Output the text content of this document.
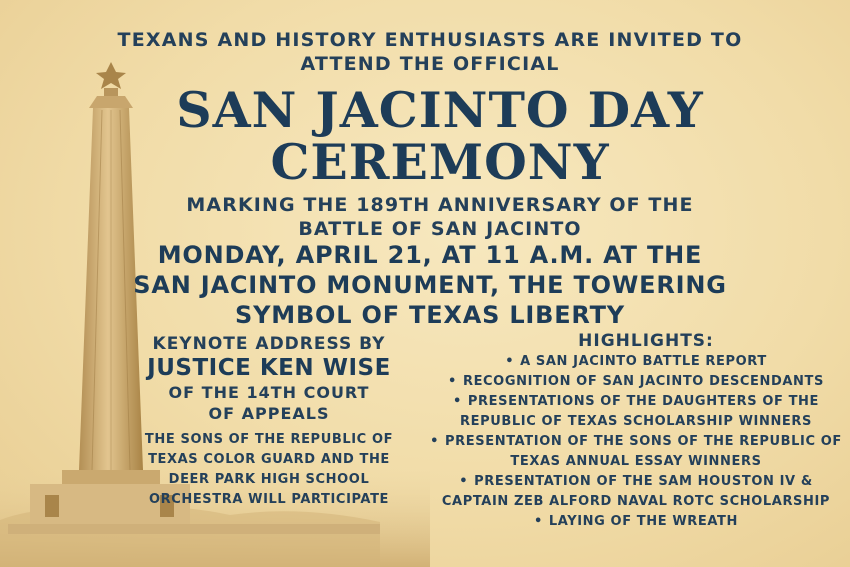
TEXANS AND HISTORY ENTHUSIASTS ARE INVITED TO ATTEND THE OFFICIAL
SAN JACINTO DAY
CEREMONY
MARKING THE 189TH ANNIVERSARY OF THE BATTLE OF SAN JACINTO
MONDAY, APRIL 21, AT 11 A.M. AT THE SAN JACINTO MONUMENT, THE TOWERING SYMBOL OF TEXAS LIBERTY
KEYNOTE ADDRESS BY
JUSTICE KEN WISE
OF THE 14TH COURT
OF APPEALS
THE SONS OF THE REPUBLIC OF TEXAS COLOR GUARD AND THE DEER PARK HIGH SCHOOL ORCHESTRA WILL PARTICIPATE
HIGHLIGHTS:
• A SAN JACINTO BATTLE REPORT
• RECOGNITION OF SAN JACINTO DESCENDANTS
• PRESENTATIONS OF THE DAUGHTERS OF THE REPUBLIC OF TEXAS SCHOLARSHIP WINNERS
• PRESENTATION OF THE SONS OF THE REPUBLIC OF TEXAS ANNUAL ESSAY WINNERS
• PRESENTATION OF THE SAM HOUSTON IV & CAPTAIN ZEB ALFORD NAVAL ROTC SCHOLARSHIP
• LAYING OF THE WREATH
